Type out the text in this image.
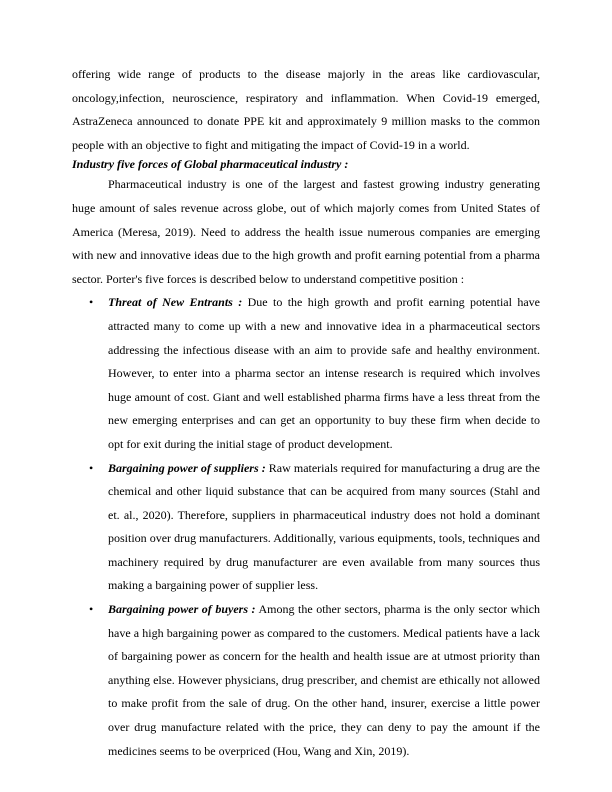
offering wide range of products to the disease majorly in the areas like cardiovascular, oncology,infection, neuroscience, respiratory and inflammation. When Covid-19 emerged, AstraZeneca announced to donate PPE kit and approximately 9 million masks to the common people with an objective to fight and mitigating the impact of Covid-19 in a world.

Industry five forces of Global pharmaceutical industry :

Pharmaceutical industry is one of the largest and fastest growing industry generating huge amount of sales revenue across globe, out of which majorly comes from United States of America (Meresa, 2019). Need to address the health issue numerous companies are emerging with new and innovative ideas due to the high growth and profit earning potential from a pharma sector. Porter's five forces is described below to understand competitive position :

• Threat of New Entrants : Due to the high growth and profit earning potential have attracted many to come up with a new and innovative idea in a pharmaceutical sectors addressing the infectious disease with an aim to provide safe and healthy environment. However, to enter into a pharma sector an intense research is required which involves huge amount of cost. Giant and well established pharma firms have a less threat from the new emerging enterprises and can get an opportunity to buy these firm when decide to opt for exit during the initial stage of product development.
• Bargaining power of suppliers : Raw materials required for manufacturing a drug are the chemical and other liquid substance that can be acquired from many sources (Stahl and et. al., 2020). Therefore, suppliers in pharmaceutical industry does not hold a dominant position over drug manufacturers. Additionally, various equipments, tools, techniques and machinery required by drug manufacturer are even available from many sources thus making a bargaining power of supplier less.
• Bargaining power of buyers : Among the other sectors, pharma is the only sector which have a high bargaining power as compared to the customers. Medical patients have a lack of bargaining power as concern for the health and health issue are at utmost priority than anything else. However physicians, drug prescriber, and chemist are ethically not allowed to make profit from the sale of drug. On the other hand, insurer, exercise a little power over drug manufacture related with the price, they can deny to pay the amount if the medicines seems to be overpriced (Hou, Wang and Xin, 2019).
